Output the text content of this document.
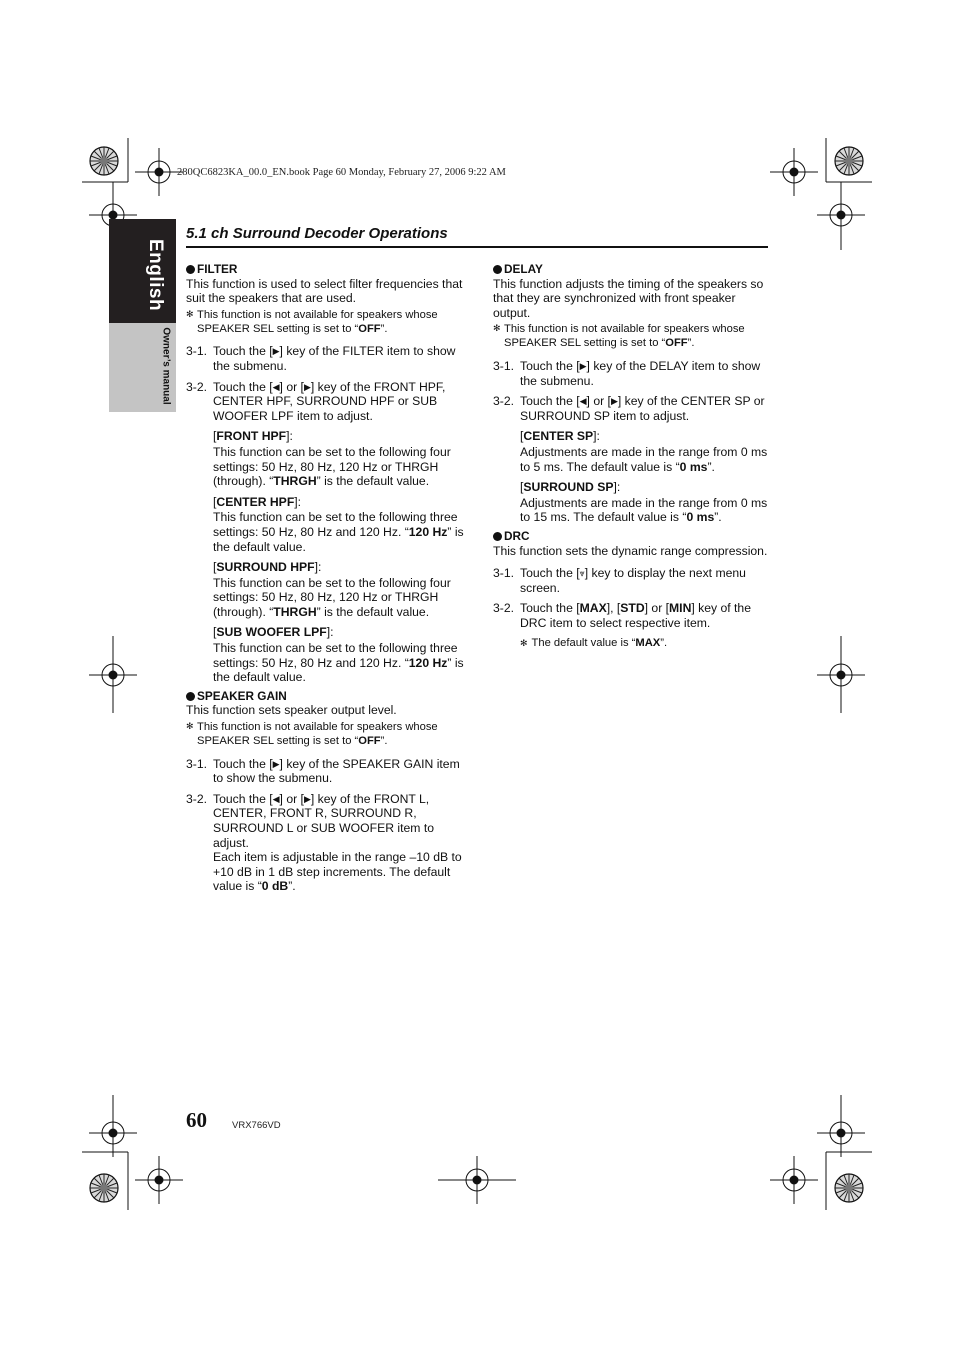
280QC6823KA_00.0_EN.book Page 60 Monday, February 27, 2006 9:22 AM
English
Owner’s manual
5.1 ch Surround Decoder Operations

FILTER

This function is used to select filter frequencies that suit the speakers that are used.

✻ This function is not available for speakers whose SPEAKER SEL setting is set to “OFF”.

3-1. Touch the [▶] key of the FILTER item to show the submenu.
3-2. Touch the [◀] or [▶] key of the FRONT HPF, CENTER HPF, SURROUND HPF or SUB WOOFER LPF item to adjust.

[FRONT HPF]:

This function can be set to the following four settings: 50 Hz, 80 Hz, 120 Hz or THRGH (through). “THRGH” is the default value.

[CENTER HPF]:

This function can be set to the following three settings: 50 Hz, 80 Hz and 120 Hz. “120 Hz” is the default value.

[SURROUND HPF]:

This function can be set to the following four settings: 50 Hz, 80 Hz, 120 Hz or THRGH (through). “THRGH” is the default value.

[SUB WOOFER LPF]:

This function can be set to the following three settings: 50 Hz, 80 Hz and 120 Hz. “120 Hz” is the default value.

SPEAKER GAIN

This function sets speaker output level.

✻ This function is not available for speakers whose SPEAKER SEL setting is set to “OFF”.

3-1. Touch the [▶] key of the SPEAKER GAIN item to show the submenu.
3-2. Touch the [◀] or [▶] key of the FRONT L, CENTER, FRONT R, SURROUND R, SURROUND L or SUB WOOFER item to adjust.
Each item is adjustable in the range –10 dB to +10 dB in 1 dB step increments. The default value is “0 dB”.

DELAY

This function adjusts the timing of the speakers so that they are synchronized with front speaker output.

✻ This function is not available for speakers whose SPEAKER SEL setting is set to “OFF”.

3-1. Touch the [▶] key of the DELAY item to show the submenu.
3-2. Touch the [◀] or [▶] key of the CENTER SP or SURROUND SP item to adjust.

[CENTER SP]:

Adjustments are made in the range from 0 ms to 5 ms. The default value is “0 ms”.

[SURROUND SP]:

Adjustments are made in the range from 0 ms to 15 ms. The default value is “0 ms”.

DRC

This function sets the dynamic range compression.

3-1. Touch the [⩔] key to display the next menu screen.
3-2. Touch the [MAX], [STD] or [MIN] key of the DRC item to select respective item.

✻ The default value is “MAX”.

60	VRX766VD
